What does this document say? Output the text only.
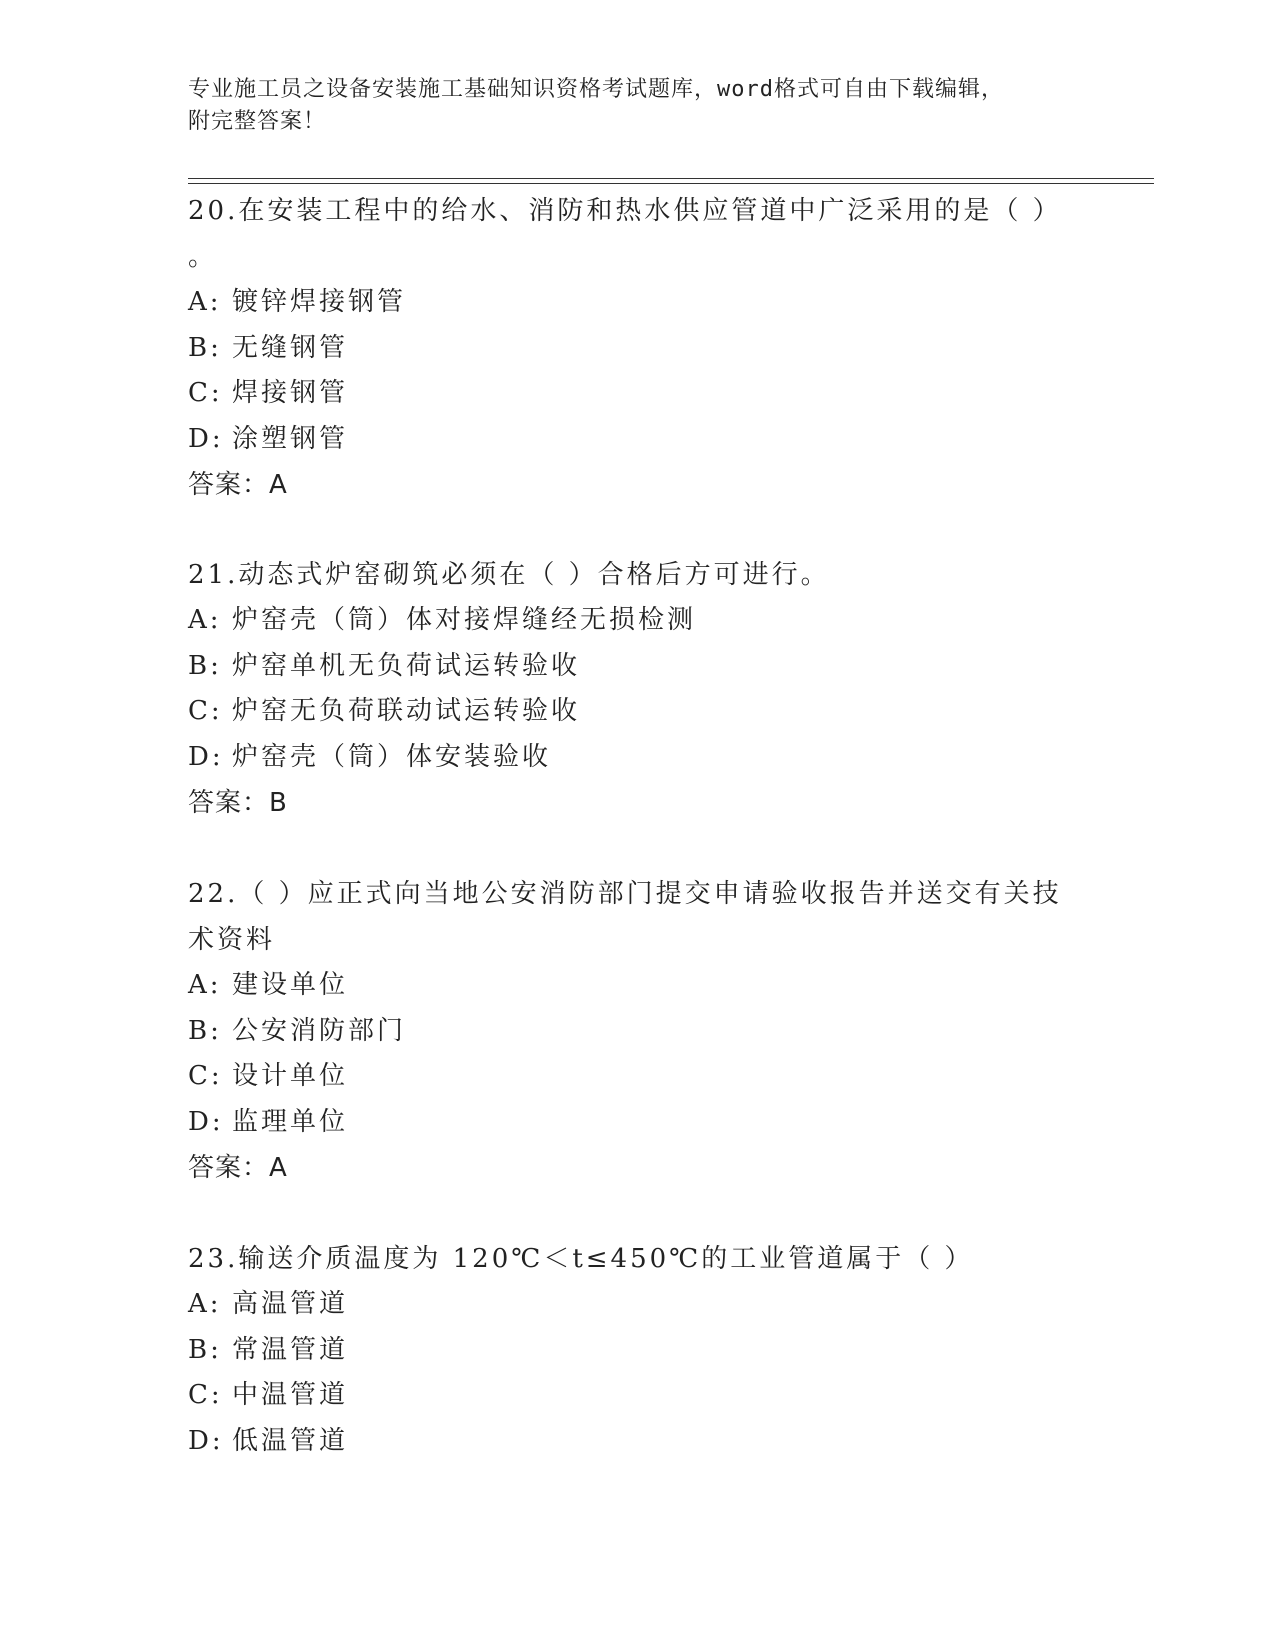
专业施工员之设备安装施工基础知识资格考试题库，word格式可自由下载编辑，
附完整答案！
20.在安装工程中的给水、消防和热水供应管道中广泛采用的是（ ）
。
A: 镀锌焊接钢管
B: 无缝钢管
C: 焊接钢管
D: 涂塑钢管
答案：A
21.动态式炉窑砌筑必须在（ ）合格后方可进行。
A: 炉窑壳（筒）体对接焊缝经无损检测
B: 炉窑单机无负荷试运转验收
C: 炉窑无负荷联动试运转验收
D: 炉窑壳（筒）体安装验收
答案：B
22.（ ）应正式向当地公安消防部门提交申请验收报告并送交有关技
术资料
A: 建设单位
B: 公安消防部门
C: 设计单位
D: 监理单位
答案：A
23.输送介质温度为 120℃＜t≤450℃的工业管道属于（ ）
A: 高温管道
B: 常温管道
C: 中温管道
D: 低温管道
